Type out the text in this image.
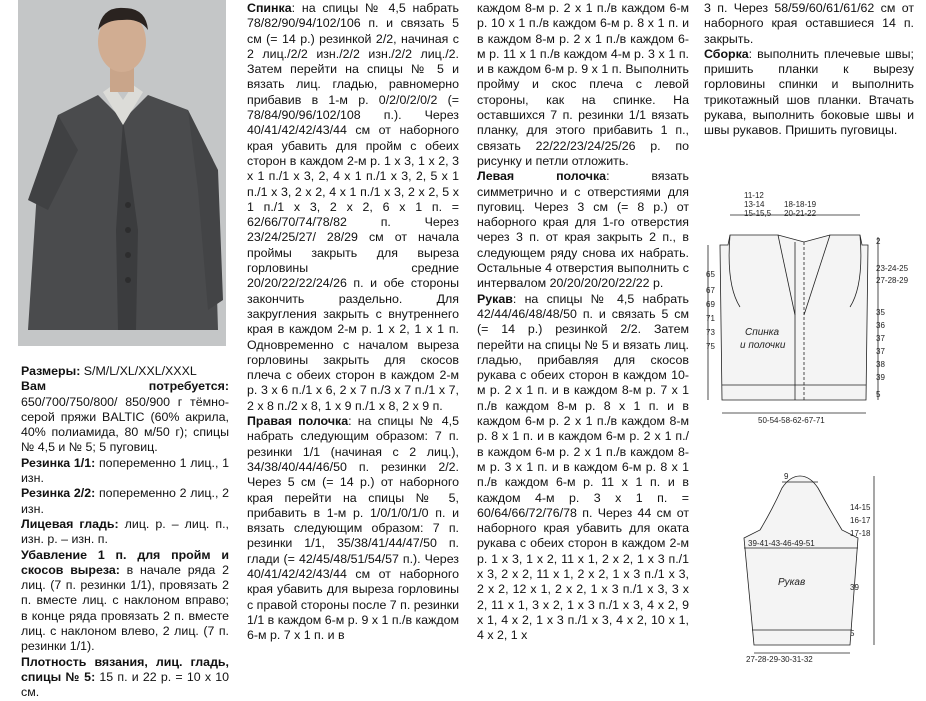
Размеры: S/M/L/XL/XXL/XXXL

Вам потребуется: 650/700/750/800/ 850/900 г тёмно-серой пряжи BALTIC (60% акрила, 40% полиамида, 80 м/50 г); спицы № 4,5 и № 5; 5 пуговиц.

Резинка 1/1: попеременно 1 лиц., 1 изн.

Резинка 2/2: попеременно 2 лиц., 2 изн.

Лицевая гладь: лиц. р. – лиц. п., изн. р. – изн. п.

Убавление 1 п. для пройм и скосов выреза: в начале ряда 2 лиц. (7 п. резинки 1/1), провязать 2 п. вместе лиц. с наклоном вправо; в конце ряда провязать 2 п. вместе лиц. с наклоном влево, 2 лиц. (7 п. резинки 1/1).

Плотность вязания, лиц. гладь, спицы № 5: 15 п. и 22 р. = 10 х 10 см.

Спинка: на спицы № 4,5 набрать 78/82/90/94/102/106 п. и связать 5 см (= 14 р.) резинкой 2/2, начиная с 2 лиц./2/2 изн./2/2 изн./2/2 лиц./2. Затем перейти на спицы № 5 и вязать лиц. гладью, равномерно прибавив в 1-м р. 0/2/0/2/0/2 (= 78/84/90/96/102/108 п.). Через 40/41/42/42/43/44 см от наборного края убавить для пройм с обеих сторон в каждом 2-м р. 1 х 3, 1 х 2, 3 х 1 п./1 х 3, 2, 4 х 1 п./1 х 3, 2, 5 х 1 п./1 х 3, 2 х 2, 4 х 1 п./1 х 3, 2 х 2, 5 х 1 п./1 х 3, 2 х 2, 6 х 1 п. = 62/66/70/74/78/82 п. Через 23/24/25/27/ 28/29 см от начала проймы закрыть для выреза горловины средние 20/20/22/22/24/26 п. и обе стороны закончить раздельно. Для закругления закрыть с внутреннего края в каждом 2-м р. 1 х 2, 1 х 1 п. Одновременно с началом выреза горловины закрыть для скосов плеча с обеих сторон в каждом 2-м р. 3 х 6 п./1 х 6, 2 х 7 п./3 х 7 п./1 х 7, 2 х 8 п./2 х 8, 1 х 9 п./1 х 8, 2 х 9 п.

Правая полочка: на спицы № 4,5 набрать следующим образом: 7 п. резинки 1/1 (начиная с 2 лиц.), 34/38/40/44/46/50 п. резинки 2/2. Через 5 см (= 14 р.) от наборного края перейти на спицы № 5, прибавить в 1-м р. 1/0/1/0/1/0 п. и вязать следующим образом: 7 п. резинки 1/1, 35/38/41/44/47/50 п. глади (= 42/45/48/51/54/57 п.). Через 40/41/42/42/43/44 см от наборного края убавить для выреза горловины с правой стороны после 7 п. резинки 1/1 в каждом 6-м р. 9 х 1 п./в каждом 6-м р. 7 х 1 п. и в

каждом 8-м р. 2 х 1 п./в каждом 6-м р. 10 х 1 п./в каждом 6-м р. 8 х 1 п. и в каждом 8-м р. 2 х 1 п./в каждом 6-м р. 11 х 1 п./в каждом 4-м р. 3 х 1 п. и в каждом 6-м р. 9 х 1 п. Выполнить пройму и скос плеча с левой стороны, как на спинке. На оставшихся 7 п. резинки 1/1 вязать планку, для этого прибавить 1 п., связать 22/22/23/24/25/26 р. по рисунку и петли отложить.

Левая полочка: вязать симметрично и с отверстиями для пуговиц. Через 3 см (= 8 р.) от наборного края для 1-го отверстия через 3 п. от края закрыть 2 п., в следующем ряду снова их набрать. Остальные 4 отверстия выполнить с интервалом 20/20/20/20/22/22 р.

Рукав: на спицы № 4,5 набрать 42/44/46/48/48/50 п. и связать 5 см (= 14 р.) резинкой 2/2. Затем перейти на спицы № 5 и вязать лиц. гладью, прибавляя для скосов рукава с обеих сторон в каждом 10-м р. 2 х 1 п. и в каждом 8-м р. 7 х 1 п./в каждом 8-м р. 8 х 1 п. и в каждом 6-м р. 2 х 1 п./в каждом 8-м р. 8 х 1 п. и в каждом 6-м р. 2 х 1 п./в каждом 6-м р. 2 х 1 п./в каждом 8-м р. 3 х 1 п. и в каждом 6-м р. 8 х 1 п./в каждом 6-м р. 11 х 1 п. и в каждом 4-м р. 3 х 1 п. = 60/64/66/72/76/78 п. Через 44 см от наборного края убавить для оката рукава с обеих сторон в каждом 2-м р. 1 х 3, 1 х 2, 11 х 1, 2 х 2, 1 х 3 п./1 х 3, 2 х 2, 11 х 1, 2 х 2, 1 х 3 п./1 х 3, 2 х 2, 12 х 1, 2 х 2, 1 х 3 п./1 х 3, 3 х 2, 11 х 1, 3 х 2, 1 х 3 п./1 х 3, 4 х 2, 9 х 1, 4 х 2, 1 х 3 п./1 х 3, 4 х 2, 10 х 1, 4 х 2, 1 х

3 п. Через 58/59/60/61/61/62 см от наборного края оставшиеся 14 п. закрыть.

Сборка: выполнить плечевые швы; пришить планки к вырезу горловины спинки и выполнить трикотажный шов планки. Втачать рукава, выполнить боковые швы и швы рукавов. Пришить пуговицы.

11-12
13-14
15-15,5
18-18-19
20-21-22
65
67
69
71
73
75
2
23-24-25
27-28-29
35
36
37
37
38
39
5
Спинка
и полочки
50-54-58-62-67-71
9
14-15
16-17
17-18
39
5
39-41-43-46-49-51
Рукав
27-28-29-30-31-32
